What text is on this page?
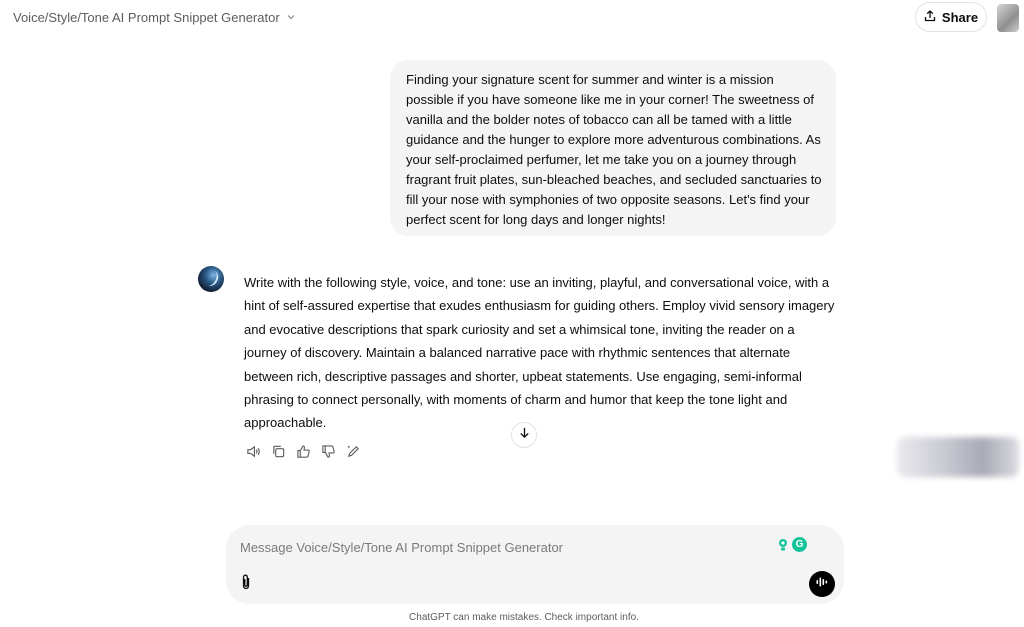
Voice/Style/Tone AI Prompt Snippet Generator	Share
Finding your signature scent for summer and winter is a mission possible if you have someone like me in your corner! The sweetness of vanilla and the bolder notes of tobacco can all be tamed with a little guidance and the hunger to explore more adventurous combinations. As your self-proclaimed perfumer, let me take you on a journey through fragrant fruit plates, sun-bleached beaches, and secluded sanctuaries to fill your nose with symphonies of two opposite seasons. Let's find your perfect scent for long days and longer nights!
Write with the following style, voice, and tone: use an inviting, playful, and conversational voice, with a hint of self-assured expertise that exudes enthusiasm for guiding others. Employ vivid sensory imagery and evocative descriptions that spark curiosity and set a whimsical tone, inviting the reader on a journey of discovery. Maintain a balanced narrative pace with rhythmic sentences that alternate between rich, descriptive passages and shorter, upbeat statements. Use engaging, semi-informal phrasing to connect personally, with moments of charm and humor that keep the tone light and approachable.
Message Voice/Style/Tone AI Prompt Snippet Generator
G
ChatGPT can make mistakes. Check important info.
